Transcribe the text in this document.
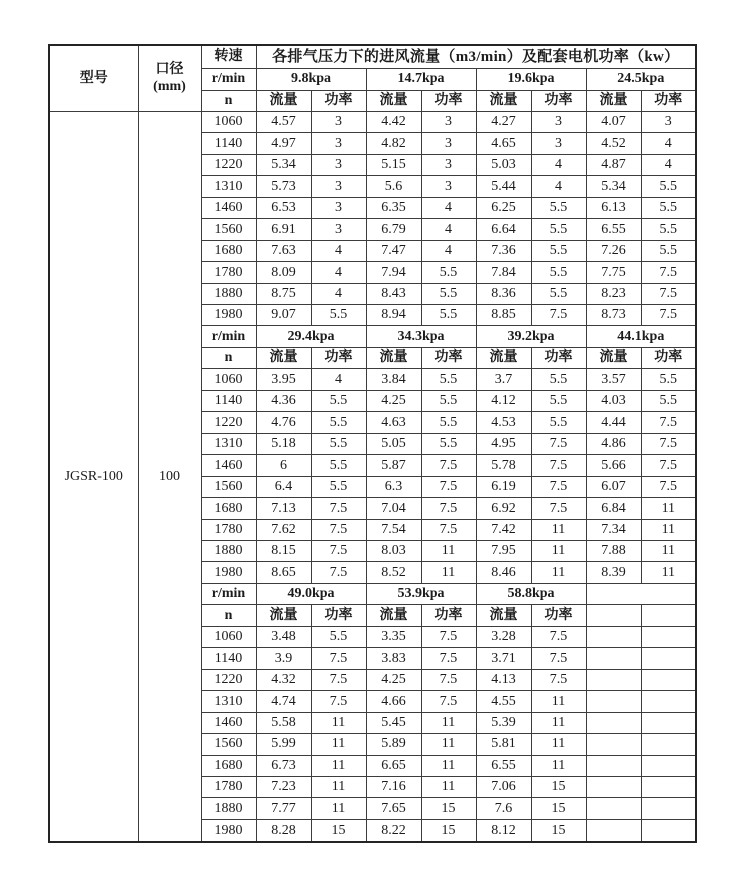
型号	口径
(mm)	转速	各排气压力下的进风流量（m3/min）及配套电机功率（kw）							
		r/min	9.8kpa		14.7kpa		19.6kpa		24.5kpa	
		n	流量	功率	流量	功率	流量	功率	流量	功率
JGSR-100	100	1060	4.57	3	4.42	3	4.27	3	4.07	3
		1140	4.97	3	4.82	3	4.65	3	4.52	4
		1220	5.34	3	5.15	3	5.03	4	4.87	4
		1310	5.73	3	5.6	3	5.44	4	5.34	5.5
		1460	6.53	3	6.35	4	6.25	5.5	6.13	5.5
		1560	6.91	3	6.79	4	6.64	5.5	6.55	5.5
		1680	7.63	4	7.47	4	7.36	5.5	7.26	5.5
		1780	8.09	4	7.94	5.5	7.84	5.5	7.75	7.5
		1880	8.75	4	8.43	5.5	8.36	5.5	8.23	7.5
		1980	9.07	5.5	8.94	5.5	8.85	7.5	8.73	7.5
		r/min	29.4kpa		34.3kpa		39.2kpa		44.1kpa	
		n	流量	功率	流量	功率	流量	功率	流量	功率
		1060	3.95	4	3.84	5.5	3.7	5.5	3.57	5.5
		1140	4.36	5.5	4.25	5.5	4.12	5.5	4.03	5.5
		1220	4.76	5.5	4.63	5.5	4.53	5.5	4.44	7.5
		1310	5.18	5.5	5.05	5.5	4.95	7.5	4.86	7.5
		1460	6	5.5	5.87	7.5	5.78	7.5	5.66	7.5
		1560	6.4	5.5	6.3	7.5	6.19	7.5	6.07	7.5
		1680	7.13	7.5	7.04	7.5	6.92	7.5	6.84	11
		1780	7.62	7.5	7.54	7.5	7.42	11	7.34	11
		1880	8.15	7.5	8.03	11	7.95	11	7.88	11
		1980	8.65	7.5	8.52	11	8.46	11	8.39	11
		r/min	49.0kpa		53.9kpa		58.8kpa			
		n	流量	功率	流量	功率	流量	功率		
		1060	3.48	5.5	3.35	7.5	3.28	7.5		
		1140	3.9	7.5	3.83	7.5	3.71	7.5		
		1220	4.32	7.5	4.25	7.5	4.13	7.5		
		1310	4.74	7.5	4.66	7.5	4.55	11		
		1460	5.58	11	5.45	11	5.39	11		
		1560	5.99	11	5.89	11	5.81	11		
		1680	6.73	11	6.65	11	6.55	11		
		1780	7.23	11	7.16	11	7.06	15		
		1880	7.77	11	7.65	15	7.6	15		
		1980	8.28	15	8.22	15	8.12	15		
